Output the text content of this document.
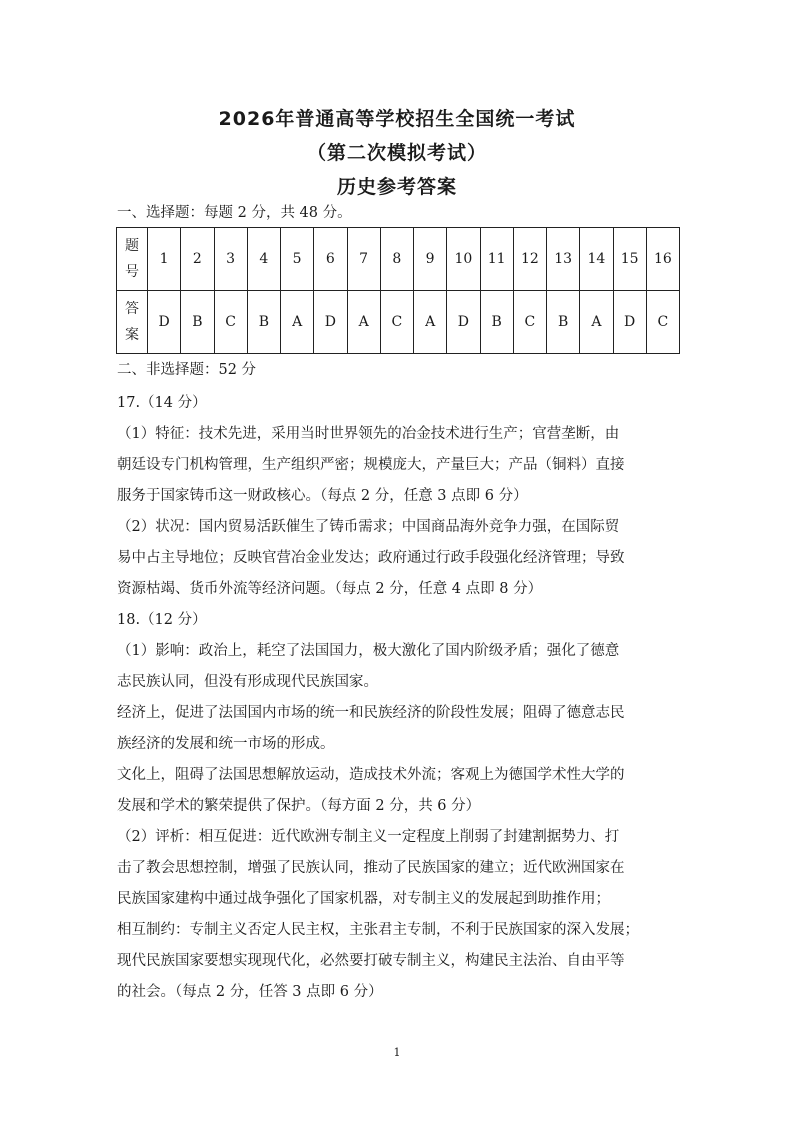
2026年普通高等学校招生全国统一考试
（第二次模拟考试）
历史参考答案
一、选择题：每题 2 分，共 48 分。
题
号	1	2	3	4	5	6	7	8	9	10	11	12	13	14	15	16

答
案	D	B	C	B	A	D	A	C	A	D	B	C	B	A	D	C
二、非选择题：52 分
17.（14 分）
（1）特征：技术先进，采用当时世界领先的冶金技术进行生产；官营垄断，由
朝廷设专门机构管理，生产组织严密；规模庞大，产量巨大；产品（铜料）直接
服务于国家铸币这一财政核心。（每点 2 分，任意 3 点即 6 分）
（2）状况：国内贸易活跃催生了铸币需求；中国商品海外竞争力强，在国际贸
易中占主导地位；反映官营冶金业发达；政府通过行政手段强化经济管理；导致
资源枯竭、货币外流等经济问题。（每点 2 分，任意 4 点即 8 分）
18.（12 分）
（1）影响：政治上，耗空了法国国力，极大激化了国内阶级矛盾；强化了德意
志民族认同，但没有形成现代民族国家。
经济上，促进了法国国内市场的统一和民族经济的阶段性发展；阻碍了德意志民
族经济的发展和统一市场的形成。
文化上，阻碍了法国思想解放运动，造成技术外流；客观上为德国学术性大学的
发展和学术的繁荣提供了保护。（每方面 2 分，共 6 分）
（2）评析：相互促进：近代欧洲专制主义一定程度上削弱了封建割据势力、打
击了教会思想控制，增强了民族认同，推动了民族国家的建立；近代欧洲国家在
民族国家建构中通过战争强化了国家机器，对专制主义的发展起到助推作用；
相互制约：专制主义否定人民主权，主张君主专制，不利于民族国家的深入发展；
现代民族国家要想实现现代化，必然要打破专制主义，构建民主法治、自由平等
的社会。（每点 2 分，任答 3 点即 6 分）
1
